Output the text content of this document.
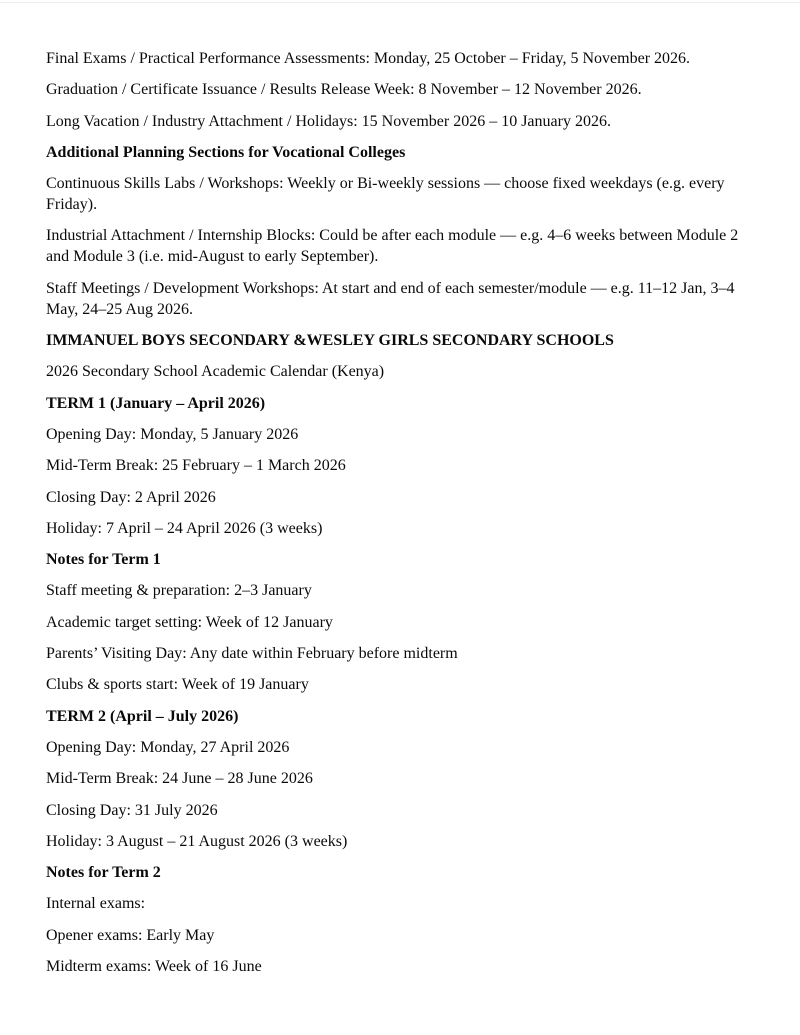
Final Exams / Practical Performance Assessments: Monday, 25 October – Friday, 5 November 2026.

Graduation / Certificate Issuance / Results Release Week: 8 November – 12 November 2026.

Long Vacation / Industry Attachment / Holidays: 15 November 2026 – 10 January 2026.

Additional Planning Sections for Vocational Colleges

Continuous Skills Labs / Workshops: Weekly or Bi-weekly sessions — choose fixed weekdays (e.g. every Friday).

Industrial Attachment / Internship Blocks: Could be after each module — e.g. 4–6 weeks between Module 2 and Module 3 (i.e. mid-August to early September).

Staff Meetings / Development Workshops: At start and end of each semester/module — e.g. 11–12 Jan, 3–4 May, 24–25 Aug 2026.

IMMANUEL BOYS SECONDARY &WESLEY GIRLS SECONDARY SCHOOLS

2026 Secondary School Academic Calendar (Kenya)

TERM 1 (January – April 2026)

Opening Day: Monday, 5 January 2026

Mid-Term Break: 25 February – 1 March 2026

Closing Day: 2 April 2026

Holiday: 7 April – 24 April 2026 (3 weeks)

Notes for Term 1

Staff meeting & preparation: 2–3 January

Academic target setting: Week of 12 January

Parents’ Visiting Day: Any date within February before midterm

Clubs & sports start: Week of 19 January

TERM 2 (April – July 2026)

Opening Day: Monday, 27 April 2026

Mid-Term Break: 24 June – 28 June 2026

Closing Day: 31 July 2026

Holiday: 3 August – 21 August 2026 (3 weeks)

Notes for Term 2

Internal exams:

Opener exams: Early May

Midterm exams: Week of 16 June
